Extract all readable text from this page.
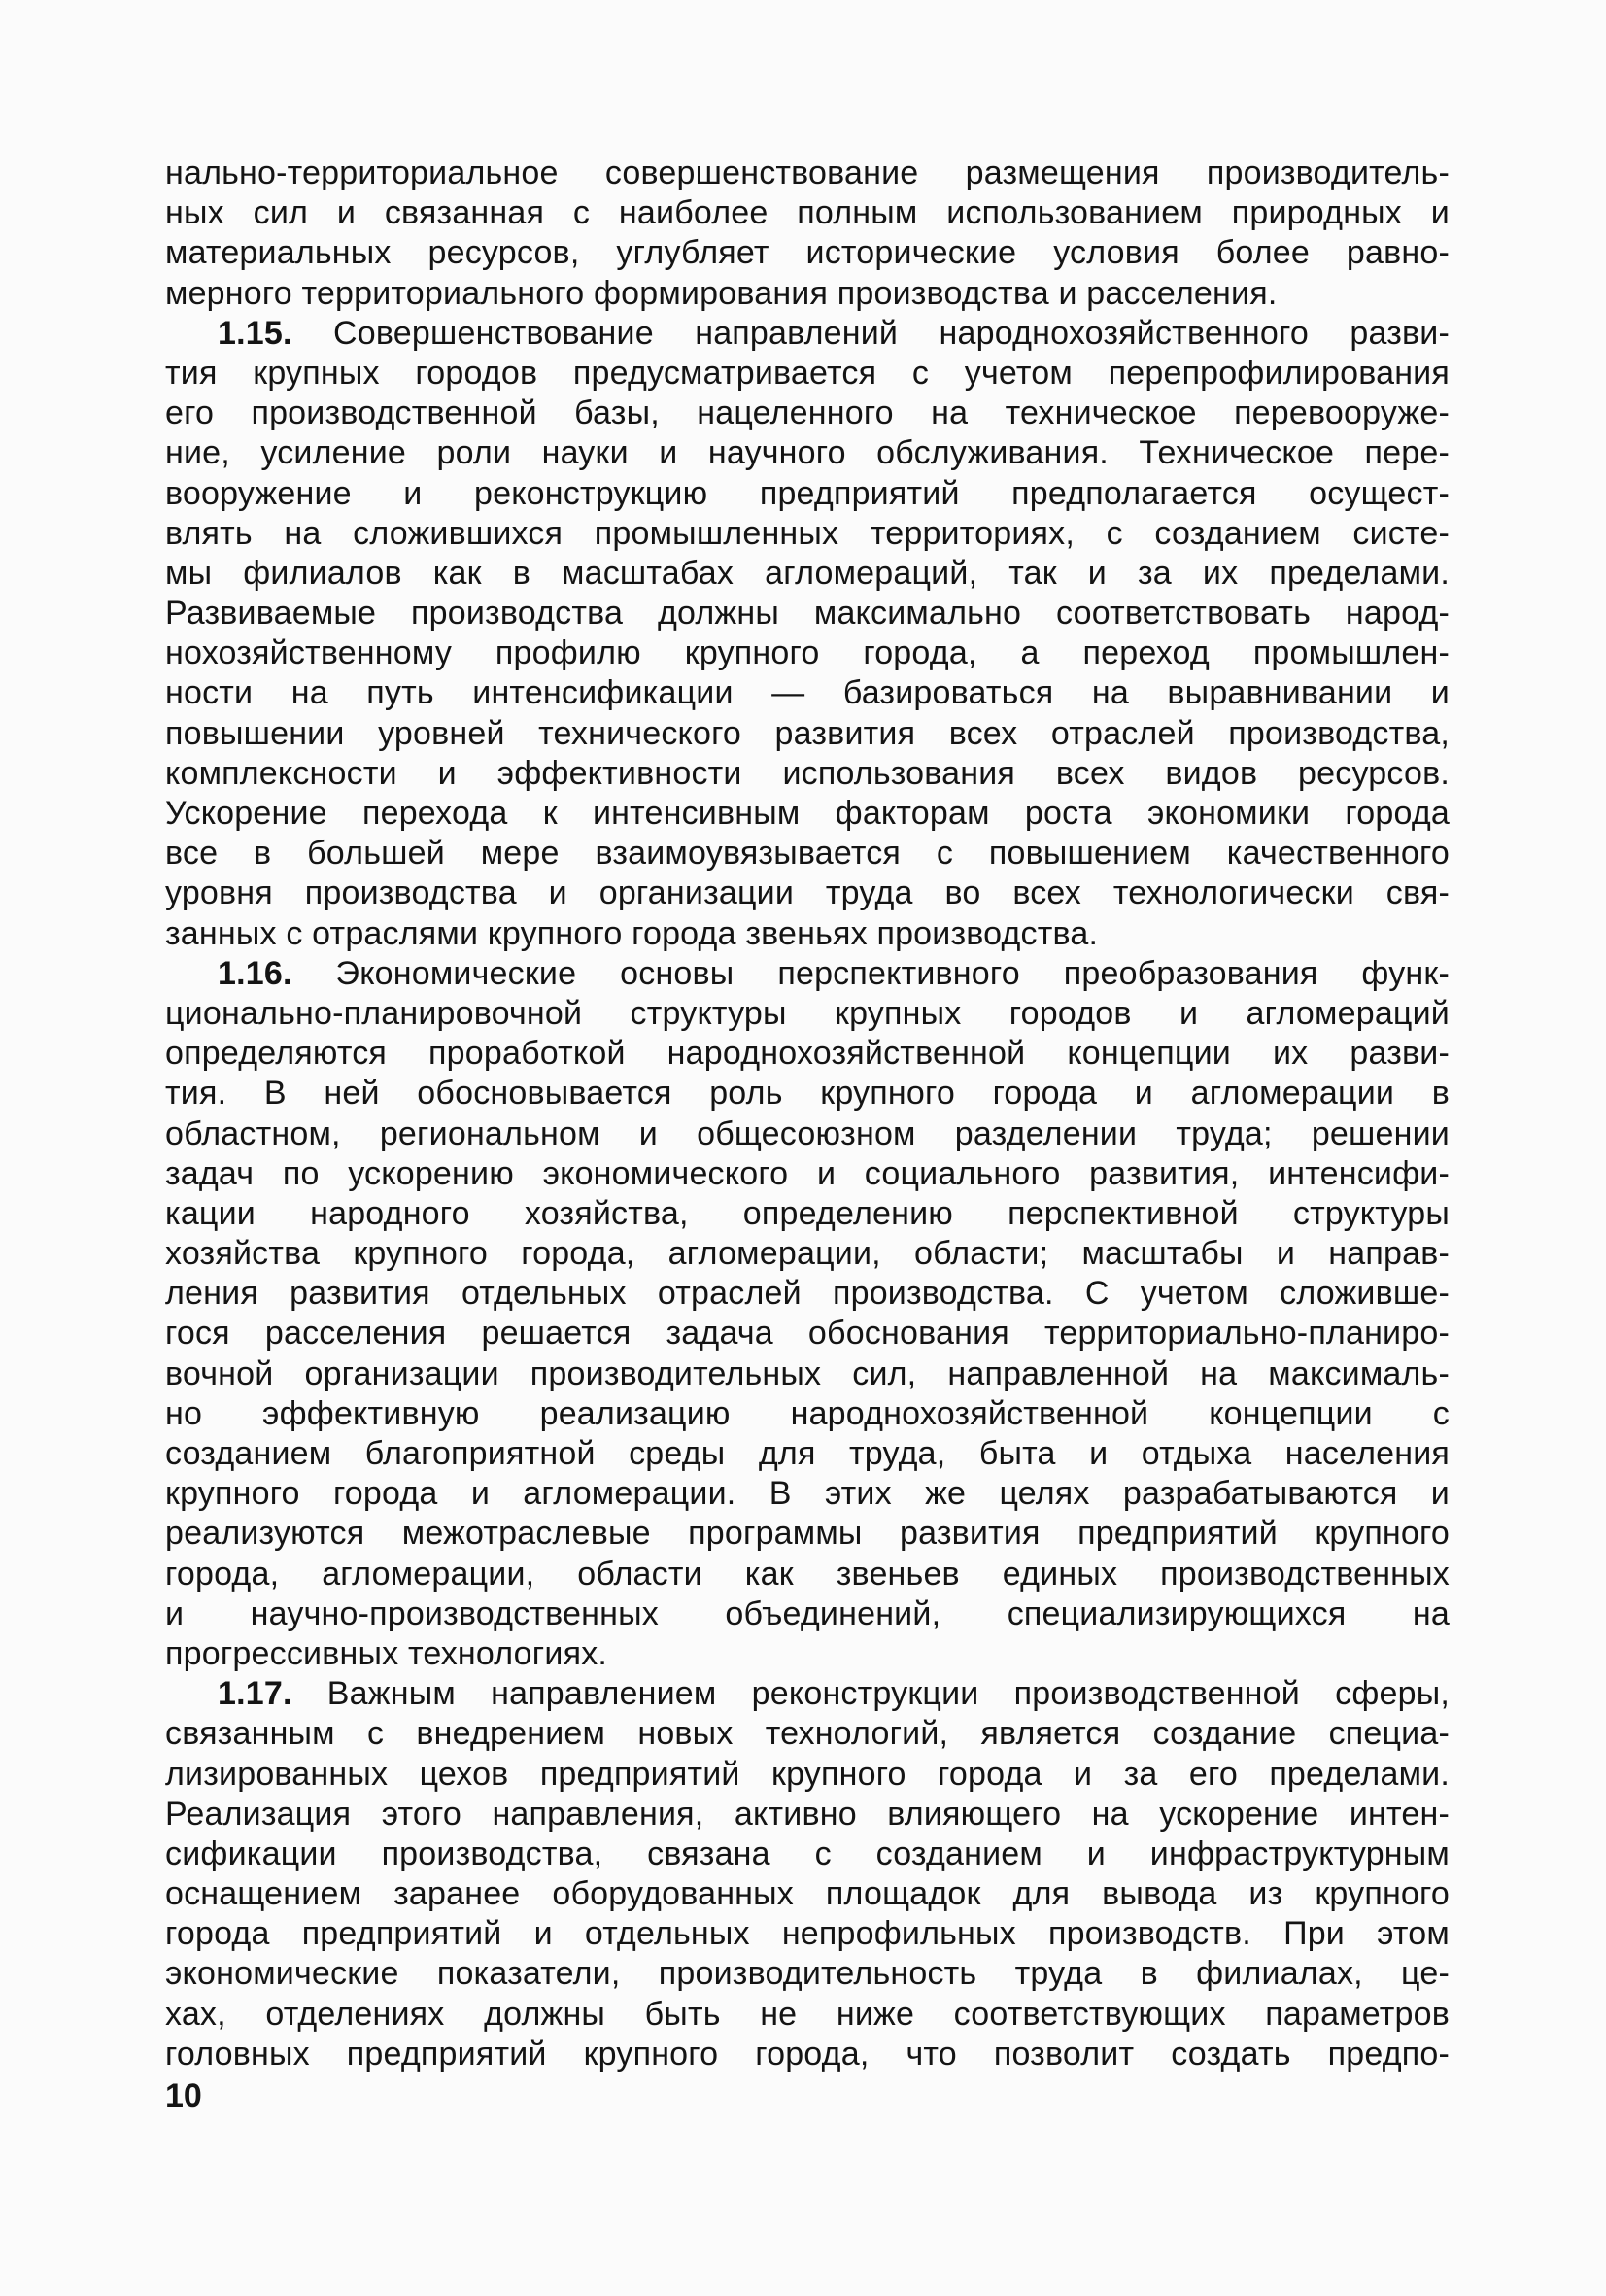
нально-территориальное совершенствование размещения производитель-
ных сил и связанная с наиболее полным использованием природных и
материальных ресурсов, углубляет исторические условия более равно-
мерного территориального формирования производства и расселения.
1.15. Совершенствование направлений народнохозяйственного разви-
тия крупных городов предусматривается с учетом перепрофилирования
его производственной базы, нацеленного на техническое перевооруже-
ние, усиление роли науки и научного обслуживания. Техническое пере-
вооружение и реконструкцию предприятий предполагается осущест-
влять на сложившихся промышленных территориях, с созданием систе-
мы филиалов как в масштабах агломераций, так и за их пределами.
Развиваемые производства должны максимально соответствовать народ-
нохозяйственному профилю крупного города, а переход промышлен-
ности на путь интенсификации — базироваться на выравнивании и
повышении уровней технического развития всех отраслей производства,
комплексности и эффективности использования всех видов ресурсов.
Ускорение перехода к интенсивным факторам роста экономики города
все в большей мере взаимоувязывается с повышением качественного
уровня производства и организации труда во всех технологически свя-
занных с отраслями крупного города звеньях производства.
1.16. Экономические основы перспективного преобразования функ-
ционально-планировочной структуры крупных городов и агломераций
определяются проработкой народнохозяйственной концепции их разви-
тия. В ней обосновывается роль крупного города и агломерации в
областном, региональном и общесоюзном разделении труда; решении
задач по ускорению экономического и социального развития, интенсифи-
кации народного хозяйства, определению перспективной структуры
хозяйства крупного города, агломерации, области; масштабы и направ-
ления развития отдельных отраслей производства. С учетом сложивше-
гося расселения решается задача обоснования территориально-планиро-
вочной организации производительных сил, направленной на максималь-
но эффективную реализацию народнохозяйственной концепции с
созданием благоприятной среды для труда, быта и отдыха населения
крупного города и агломерации. В этих же целях разрабатываются и
реализуются межотраслевые программы развития предприятий крупного
города, агломерации, области как звеньев единых производственных
и научно-производственных объединений, специализирующихся на
прогрессивных технологиях.
1.17. Важным направлением реконструкции производственной сферы,
связанным с внедрением новых технологий, является создание специа-
лизированных цехов предприятий крупного города и за его пределами.
Реализация этого направления, активно влияющего на ускорение интен-
сификации производства, связана с созданием и инфраструктурным
оснащением заранее оборудованных площадок для вывода из крупного
города предприятий и отдельных непрофильных производств. При этом
экономические показатели, производительность труда в филиалах, це-
хах, отделениях должны быть не ниже соответствующих параметров
головных предприятий крупного города, что позволит создать предпо-
10
